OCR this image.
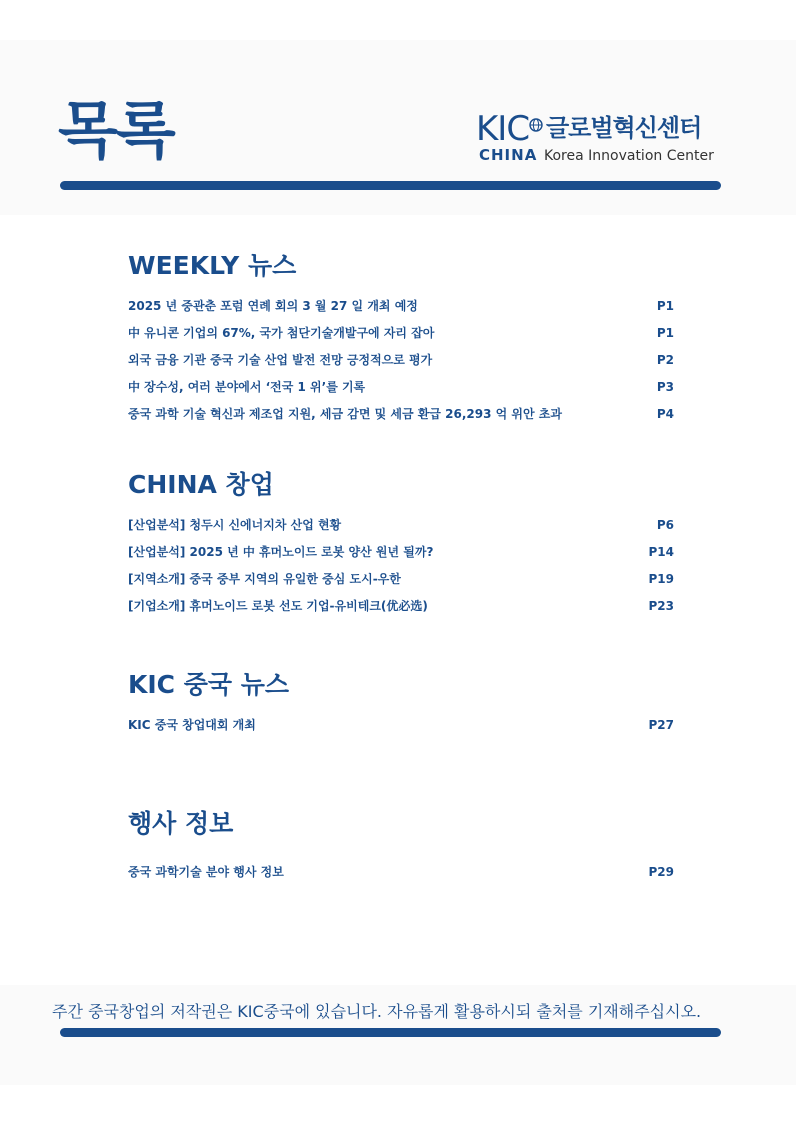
목록	KIC 글로벌혁신센터
CHINA Korea Innovation Center
WEEKLY 뉴스
2025 년 중관춘 포럼 연례 회의 3 월 27 일 개최 예정	P1
中 유니콘 기업의 67%, 국가 첨단기술개발구에 자리 잡아	P1
외국 금융 기관 중국 기술 산업 발전 전망 긍정적으로 평가	P2
中 장수성, 여러 분야에서 ‘전국 1 위’를 기록	P3
중국 과학 기술 혁신과 제조업 지원, 세금 감면 및 세금 환급 26,293 억 위안 초과	P4
CHINA 창업
[산업분석] 청두시 신에너지차 산업 현황	P6
[산업분석] 2025 년 中 휴머노이드 로봇 양산 원년 될까?	P14
[지역소개] 중국 중부 지역의 유일한 중심 도시-우한	P19
[기업소개] 휴머노이드 로봇 선도 기업-유비테크(优必选)	P23
KIC 중국 뉴스
KIC 중국 창업대회 개최	P27
행사 정보
중국 과학기술 분야 행사 정보	P29
주간 중국창업의 저작권은 KIC중국에 있습니다. 자유롭게 활용하시되 출처를 기재해주십시오.
